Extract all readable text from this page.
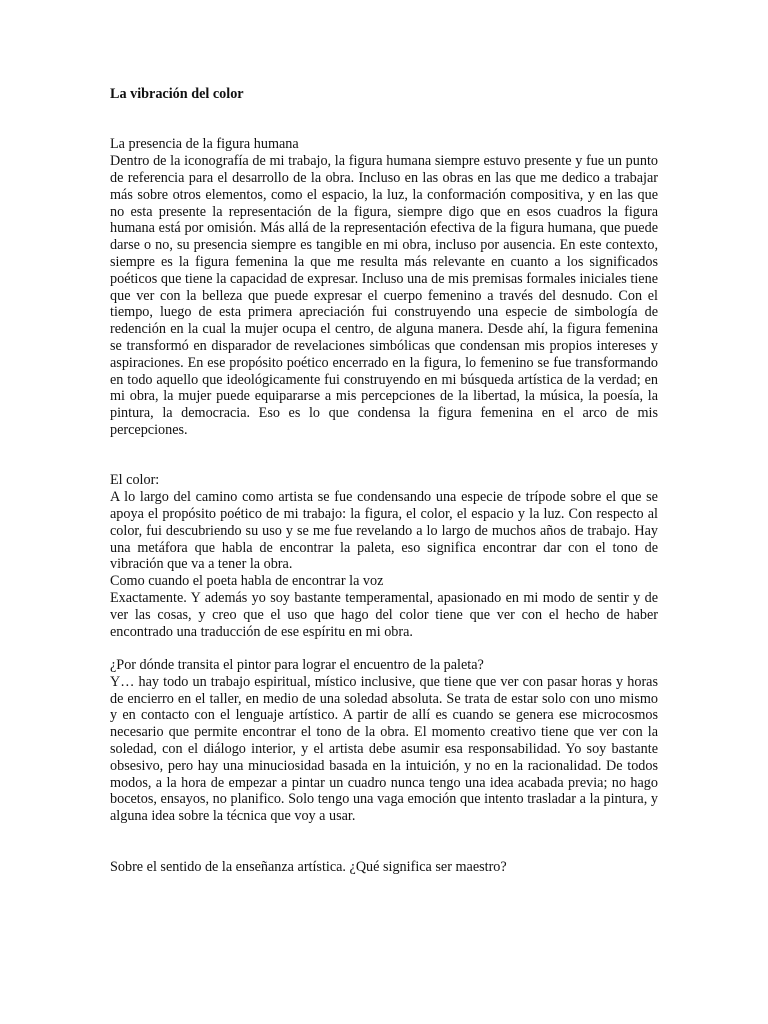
La vibración del color

La presencia de la figura humana

Dentro de la iconografía de mi trabajo, la figura humana siempre estuvo presente y fue un punto de referencia para el desarrollo de la obra. Incluso en las obras en las que me dedico a trabajar más sobre otros elementos, como el espacio, la luz, la conformación compositiva, y en las que no esta presente la representación de la figura, siempre digo que en esos cuadros la figura humana está por omisión. Más allá de la representación efectiva de la figura humana, que puede darse o no, su presencia siempre es tangible en mi obra, incluso por ausencia. En este contexto, siempre es la figura femenina la que me resulta más relevante en cuanto a los significados poéticos que tiene la capacidad de expresar. Incluso una de mis premisas formales iniciales tiene que ver con la belleza que puede expresar el cuerpo femenino a través del desnudo. Con el tiempo, luego de esta primera apreciación fui construyendo una especie de simbología de redención en la cual la mujer ocupa el centro, de alguna manera. Desde ahí, la figura femenina se transformó en disparador de revelaciones simbólicas que condensan mis propios intereses y aspiraciones. En ese propósito poético encerrado en la figura, lo femenino se fue transformando en todo aquello que ideológicamente fui construyendo en mi búsqueda artística de la verdad; en mi obra, la mujer puede equipararse a mis percepciones de la libertad, la música, la poesía, la pintura, la democracia. Eso es lo que condensa la figura femenina en el arco de mis percepciones.

El color:

A lo largo del camino como artista se fue condensando una especie de trípode sobre el que se apoya el propósito poético de mi trabajo: la figura, el color, el espacio y la luz. Con respecto al color, fui descubriendo su uso y se me fue revelando a lo largo de muchos años de trabajo. Hay una metáfora que habla de encontrar la paleta, eso significa encontrar dar con el tono de vibración que va a tener la obra.

Como cuando el poeta habla de encontrar la voz

Exactamente. Y además yo soy bastante temperamental, apasionado en mi modo de sentir y de ver las cosas, y creo que el uso que hago del color tiene que ver con el hecho de haber encontrado una traducción de ese espíritu en mi obra.

¿Por dónde transita el pintor para lograr el encuentro de la paleta?

Y… hay todo un trabajo espiritual, místico inclusive, que tiene que ver con pasar horas y horas de encierro en el taller, en medio de una soledad absoluta. Se trata de estar solo con uno mismo y en contacto con el lenguaje artístico. A partir de allí es cuando se genera ese microcosmos necesario que permite encontrar el tono de la obra. El momento creativo tiene que ver con la soledad, con el diálogo interior, y el artista debe asumir esa responsabilidad. Yo soy bastante obsesivo, pero hay una minuciosidad basada en la intuición, y no en la racionalidad. De todos modos, a la hora de empezar a pintar un cuadro nunca tengo una idea acabada previa; no hago bocetos, ensayos, no planifico. Solo tengo una vaga emoción que intento trasladar a la pintura, y alguna idea sobre la técnica que voy a usar.

Sobre el sentido de la enseñanza artística. ¿Qué significa ser maestro?
